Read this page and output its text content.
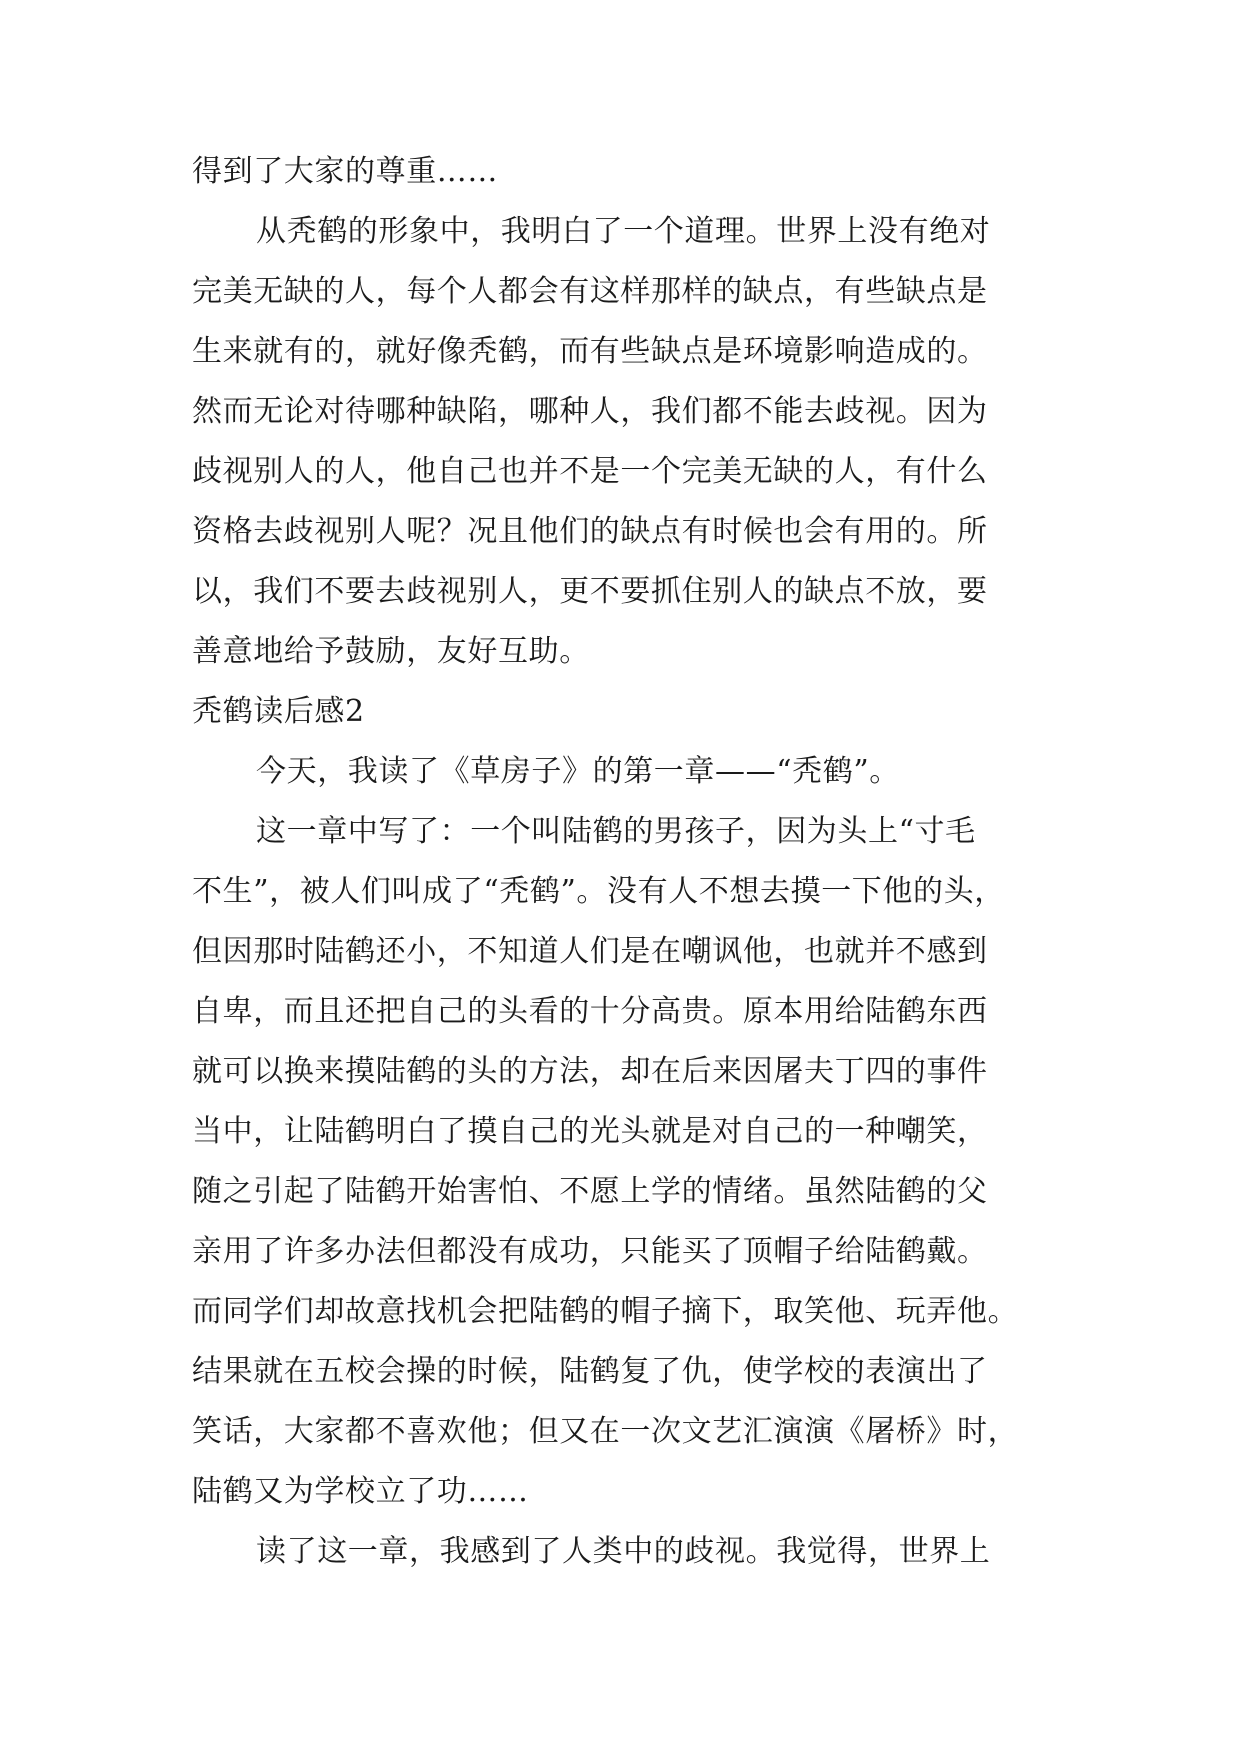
得到了大家的尊重……
从秃鹤的形象中，我明白了一个道理。世界上没有绝对
完美无缺的人，每个人都会有这样那样的缺点，有些缺点是
生来就有的，就好像秃鹤，而有些缺点是环境影响造成的。
然而无论对待哪种缺陷，哪种人，我们都不能去歧视。因为
歧视别人的人，他自己也并不是一个完美无缺的人，有什么
资格去歧视别人呢？况且他们的缺点有时候也会有用的。所
以，我们不要去歧视别人，更不要抓住别人的缺点不放，要
善意地给予鼓励，友好互助。
秃鹤读后感2
今天，我读了《草房子》的第一章——“秃鹤”。
这一章中写了：一个叫陆鹤的男孩子，因为头上“寸毛
不生”，被人们叫成了“秃鹤”。没有人不想去摸一下他的头，
但因那时陆鹤还小，不知道人们是在嘲讽他，也就并不感到
自卑，而且还把自己的头看的十分高贵。原本用给陆鹤东西
就可以换来摸陆鹤的头的方法，却在后来因屠夫丁四的事件
当中，让陆鹤明白了摸自己的光头就是对自己的一种嘲笑，
随之引起了陆鹤开始害怕、不愿上学的情绪。虽然陆鹤的父
亲用了许多办法但都没有成功，只能买了顶帽子给陆鹤戴。
而同学们却故意找机会把陆鹤的帽子摘下，取笑他、玩弄他。
结果就在五校会操的时候，陆鹤复了仇，使学校的表演出了
笑话，大家都不喜欢他；但又在一次文艺汇演演《屠桥》时，
陆鹤又为学校立了功……
读了这一章，我感到了人类中的歧视。我觉得，世界上
